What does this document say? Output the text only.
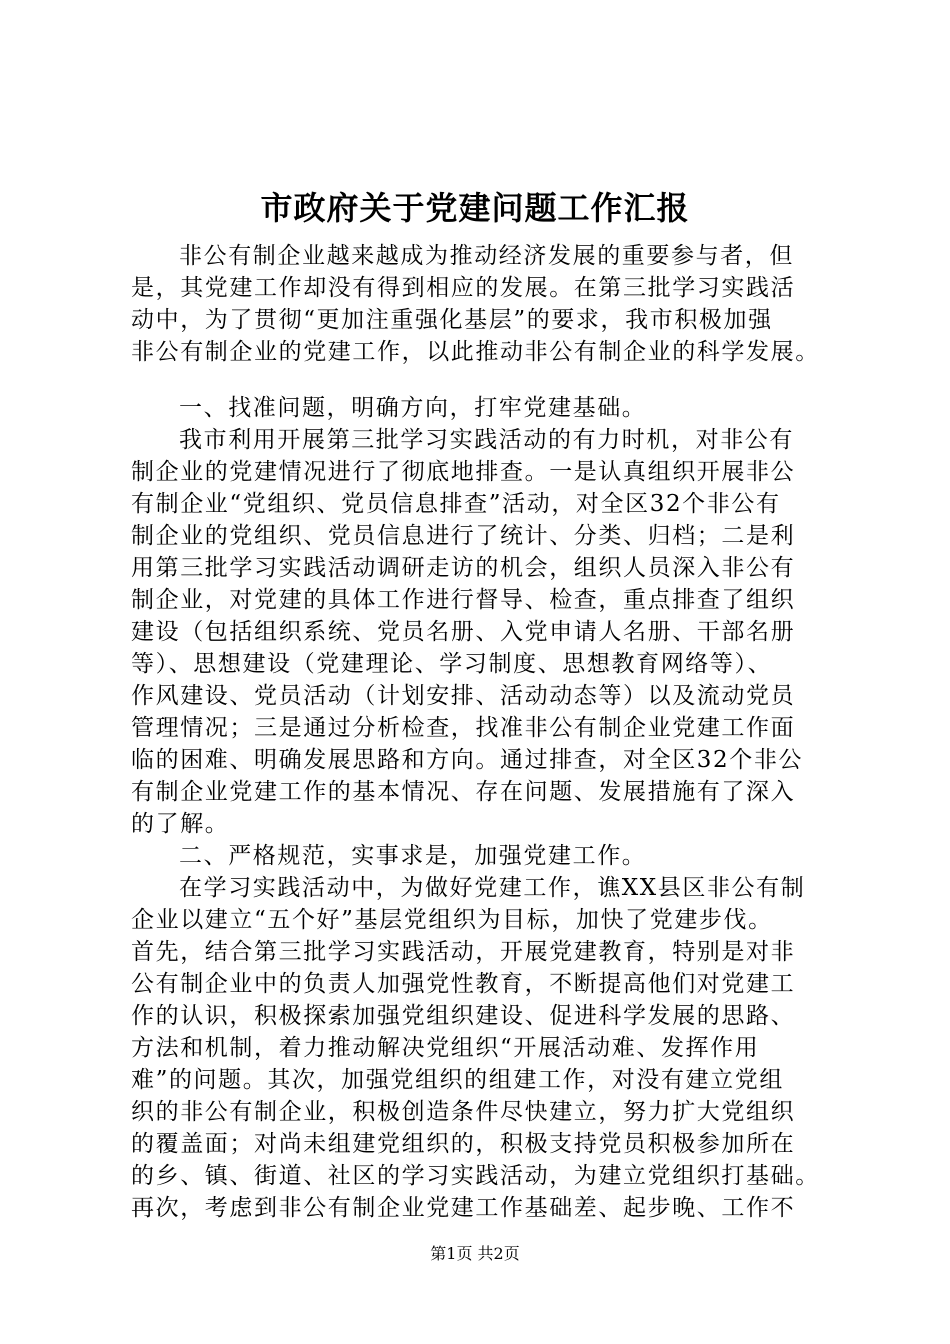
市政府关于党建问题工作汇报
非公有制企业越来越成为推动经济发展的重要参与者，但
是，其党建工作却没有得到相应的发展。在第三批学习实践活
动中，为了贯彻“更加注重强化基层”的要求，我市积极加强
非公有制企业的党建工作，以此推动非公有制企业的科学发展。
一、找准问题，明确方向，打牢党建基础。
我市利用开展第三批学习实践活动的有力时机，对非公有
制企业的党建情况进行了彻底地排查。一是认真组织开展非公
有制企业“党组织、党员信息排查”活动，对全区32个非公有
制企业的党组织、党员信息进行了统计、分类、归档；二是利
用第三批学习实践活动调研走访的机会，组织人员深入非公有
制企业，对党建的具体工作进行督导、检查，重点排查了组织
建设（包括组织系统、党员名册、入党申请人名册、干部名册
等）、思想建设（党建理论、学习制度、思想教育网络等）、
作风建设、党员活动（计划安排、活动动态等）以及流动党员
管理情况；三是通过分析检查，找准非公有制企业党建工作面
临的困难、明确发展思路和方向。通过排查，对全区32个非公
有制企业党建工作的基本情况、存在问题、发展措施有了深入
的了解。
二、严格规范，实事求是，加强党建工作。
在学习实践活动中，为做好党建工作，谯XX县区非公有制
企业以建立“五个好”基层党组织为目标，加快了党建步伐。
首先，结合第三批学习实践活动，开展党建教育，特别是对非
公有制企业中的负责人加强党性教育，不断提高他们对党建工
作的认识，积极探索加强党组织建设、促进科学发展的思路、
方法和机制，着力推动解决党组织“开展活动难、发挥作用
难”的问题。其次，加强党组织的组建工作，对没有建立党组
织的非公有制企业，积极创造条件尽快建立，努力扩大党组织
的覆盖面；对尚未组建党组织的，积极支持党员积极参加所在
的乡、镇、街道、社区的学习实践活动，为建立党组织打基础。
再次，考虑到非公有制企业党建工作基础差、起步晚、工作不
第1页 共2页
